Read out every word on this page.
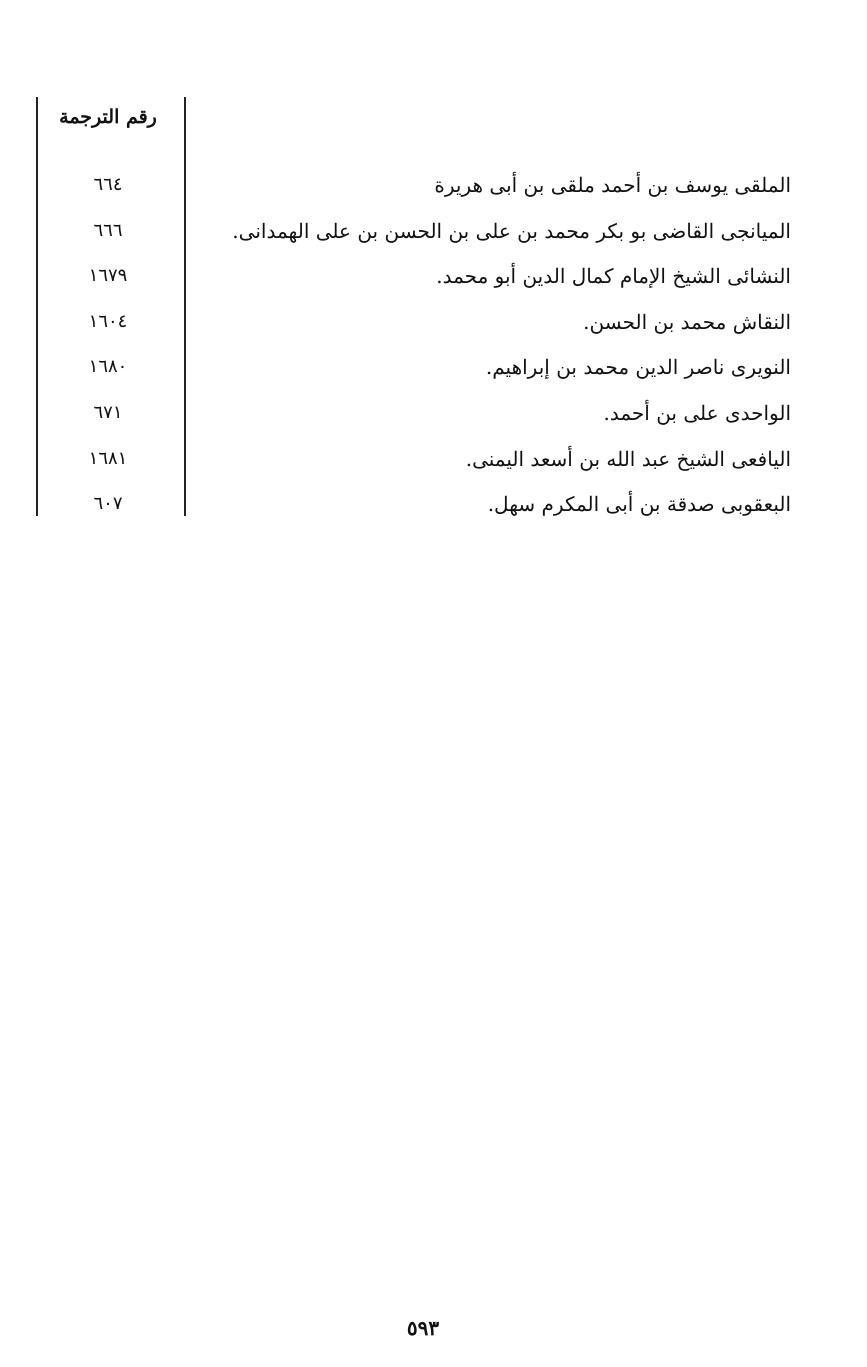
رقم الترجمة
الملقى يوسف بن أحمد ملقى بن أبى هريرة
٦٦٤
الميانجى القاضى بو بكر محمد بن على بن الحسن بن على الهمدانى.
٦٦٦
النشائى الشيخ الإمام كمال الدين أبو محمد.
١٦٧٩
النقاش محمد بن الحسن.
١٦٠٤
النويرى ناصر الدين محمد بن إبراهيم.
١٦٨٠
الواحدى على بن أحمد.
٦٧١
اليافعى الشيخ عبد الله بن أسعد اليمنى.
١٦٨١
البعقوبى صدقة بن أبى المكرم سهل.
٦٠٧
٥٩٣
